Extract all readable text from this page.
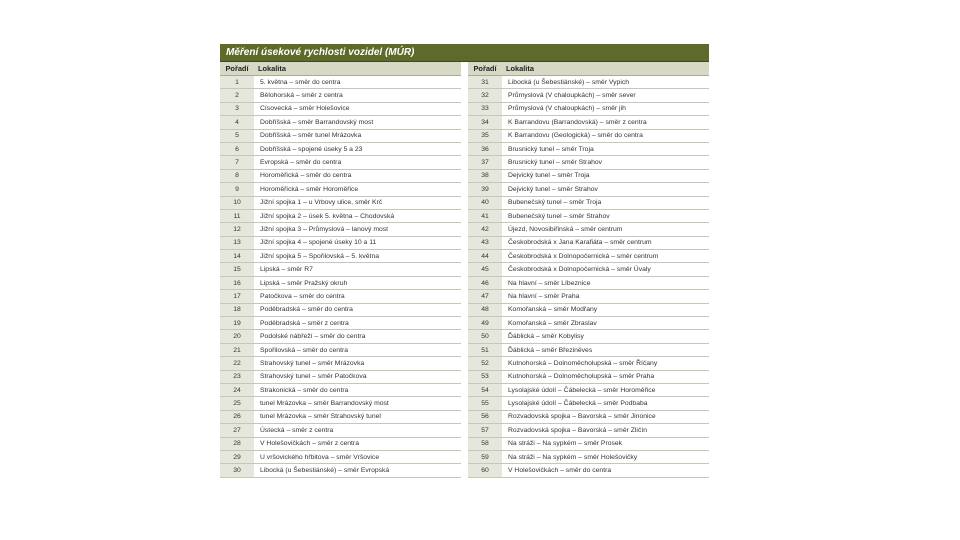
Měření úsekové rychlosti vozidel (MÚR)
Pořadí	Lokalita
1	5. května – směr do centra
2	Bělohorská – směr z centra
3	Císovecká – směr Holešovice
4	Dobříšská – směr Barrandovský most
5	Dobříšská – směr tunel Mrázovka
6	Dobříšská – spojené úseky 5 a 23
7	Evropská – směr do centra
8	Horoměřická – směr do centra
9	Horoměřická – směr Horoměřice
10	Jižní spojka 1 – u Vrbovy ulice, směr Krč
11	Jižní spojka 2 – úsek 5. května – Chodovská
12	Jižní spojka 3 – Průmyslová – lanový most
13	Jižní spojka 4 – spojené úseky 10 a 11
14	Jižní spojka 5 – Spořilovská – 5. května
15	Lipská – směr R7
16	Lipská – směr Pražský okruh
17	Patočkova – směr do centra
18	Poděbradská – směr do centra
19	Poděbradská – směr z centra
20	Podolské nábřeží – směr do centra
21	Spořilovská – směr do centra
22	Strahovský tunel – směr Mrázovka
23	Strahovský tunel – směr Patočkova
24	Strakonická – směr do centra
25	tunel Mrázovka – směr Barrandovský most
26	tunel Mrázovka – směr Strahovský tunel
27	Ústecká – směr z centra
28	V Holešovičkách – směr z centra
29	U vršovického hřbitova – směr Vršovice
30	Libocká (u Šebestiánské) – směr Evropská
Pořadí	Lokalita
31	Libocká (u Šebestiánské) – směr Vypich
32	Průmyslová (V chaloupkách) – směr sever
33	Průmyslová (V chaloupkách) – směr jih
34	K Barrandovu (Barrandovská) – směr z centra
35	K Barrandovu (Geologická) – směr do centra
36	Brusnický tunel – směr Troja
37	Brusnický tunel – směr Strahov
38	Dejvický tunel – směr Troja
39	Dejvický tunel – směr Strahov
40	Bubenečský tunel – směr Troja
41	Bubenečský tunel – směr Strahov
42	Újezd, Novosibiřinská – směr centrum
43	Českobrodská x Jana Karafiáta – směr centrum
44	Českobrodská x Dolnopočernická – směr centrum
45	Českobrodská x Dolnopočernická – směr Úvaly
46	Na hlavní – směr Líbeznice
47	Na hlavní – směr Praha
48	Komořanská – směr Modřany
49	Komořanská – směr Zbraslav
50	Ďáblická – směr Kobylisy
51	Ďáblická – směr Březiněves
52	Kutnohorská – Dolnoměcholupská – směr Říčany
53	Kutnohorská – Dolnoměcholupská – směr Praha
54	Lysolajské údolí – Čábelecká – směr Horoměřice
55	Lysolajské údolí – Čábelecká – směr Podbaba
56	Rozvadovská spojka – Bavorská – směr Jinonice
57	Rozvadovská spojka – Bavorská – směr Zličín
58	Na stráži – Na sypkém – směr Prosek
59	Na stráži – Na sypkém – směr Holešovičky
60	V Holešovičkách – směr do centra
